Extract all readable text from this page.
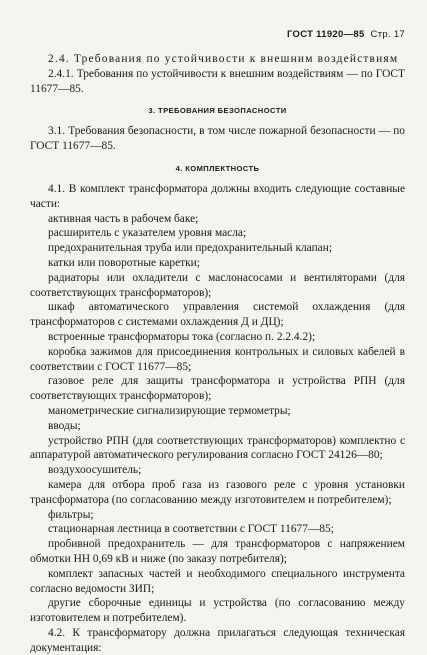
ГОСТ 11920—85 Стр. 17

2.4. Требования по устойчивости к внешним воздействиям

2.4.1. Требования по устойчивости к внешним воздействиям — по ГОСТ 11677—85.

3. ТРЕБОВАНИЯ БЕЗОПАСНОСТИ

3.1. Требования безопасности, в том числе пожарной безопасности — по ГОСТ 11677—85.

4. КОМПЛЕКТНОСТЬ

4.1. В комплект трансформатора должны входить следующие составные части:

активная часть в рабочем баке;

расширитель с указателем уровня масла;

предохранительная труба или предохранительный клапан;

катки или поворотные каретки;

радиаторы или охладители с маслонасосами и вентиляторами (для соответствующих трансформаторов);

шкаф автоматического управления системой охлаждения (для трансформаторов с системами охлаждения Д и ДЦ);

встроенные трансформаторы тока (согласно п. 2.2.4.2);

коробка зажимов для присоединения контрольных и силовых кабелей в соответствии с ГОСТ 11677—85;

газовое реле для защиты трансформатора и устройства РПН (для соответствующих трансформаторов);

манометрические сигнализирующие термометры;

вводы;

устройство РПН (для соответствующих трансформаторов) комплектно с аппаратурой автоматического регулирования согласно ГОСТ 24126—80;

воздухоосушитель;

камера для отбора проб газа из газового реле с уровня установки трансформатора (по согласованию между изготовителем и потребителем);

фильтры;

стационарная лестница в соответствии с ГОСТ 11677—85;

пробивной предохранитель — для трансформаторов с напряжением обмотки НН 0,69 кВ и ниже (по заказу потребителя);

комплект запасных частей и необходимого специального инструмента согласно ведомости ЗИП;

другие сборочные единицы и устройства (по согласованию между изготовителем и потребителем).

4.2. К трансформатору должна прилагаться следующая техническая документация:
